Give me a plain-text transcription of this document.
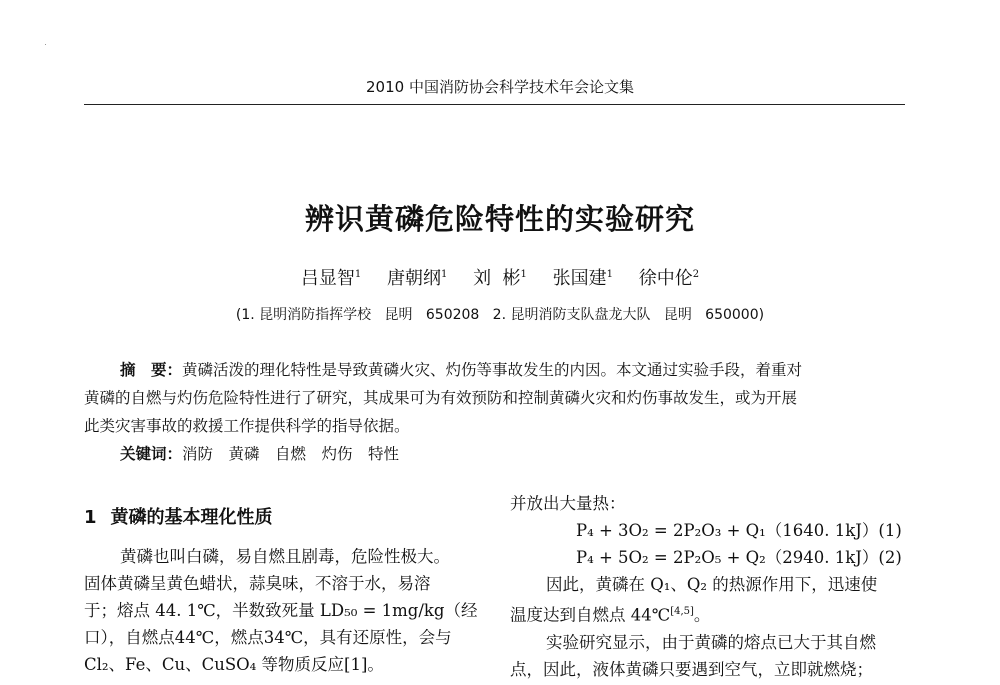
2010 中国消防协会科学技术年会论文集
辨识黄磷危险特性的实验研究
吕显智$^1$ 唐朝纲$^1$ 刘  彬$^1$ 张国建$^1$ 徐中伦$^2$
(1. 昆明消防指挥学校   昆明   650208   2. 昆明消防支队盘龙大队   昆明   650000)
摘　要：黄磷活泼的理化特性是导致黄磷火灾、灼伤等事故发生的内因。本文通过实验手段，着重对
黄磷的自燃与灼伤危险特性进行了研究，其成果可为有效预防和控制黄磷火灾和灼伤事故发生，或为开展
此类灾害事故的救援工作提供科学的指导依据。
关键词：消防　黄磷　自燃　灼伤　特性
1 黄磷的基本理化性质
黄磷也叫白磷，易自燃且剧毒，危险性极大。
固体黄磷呈黄色蜡状，蒜臭味，不溶于水，易溶
于；熔点 44. 1℃，半数致死量 LD₅₀ = 1mg/kg（经
口），自燃点44℃，燃点34℃，具有还原性，会与
Cl₂、Fe、Cu、CuSO₄ 等物质反应[1]。
并放出大量热：
P₄ + 3O₂ = 2P₂O₃ + Q₁（1640. 1kJ）(1)
P₄ + 5O₂ = 2P₂O₅ + Q₂（2940. 1kJ）(2)
因此，黄磷在 Q₁、Q₂ 的热源作用下，迅速使
温度达到自燃点 44℃[4,5]。
实验研究显示，由于黄磷的熔点已大于其自燃
点，因此，液体黄磷只要遇到空气，立即就燃烧；
